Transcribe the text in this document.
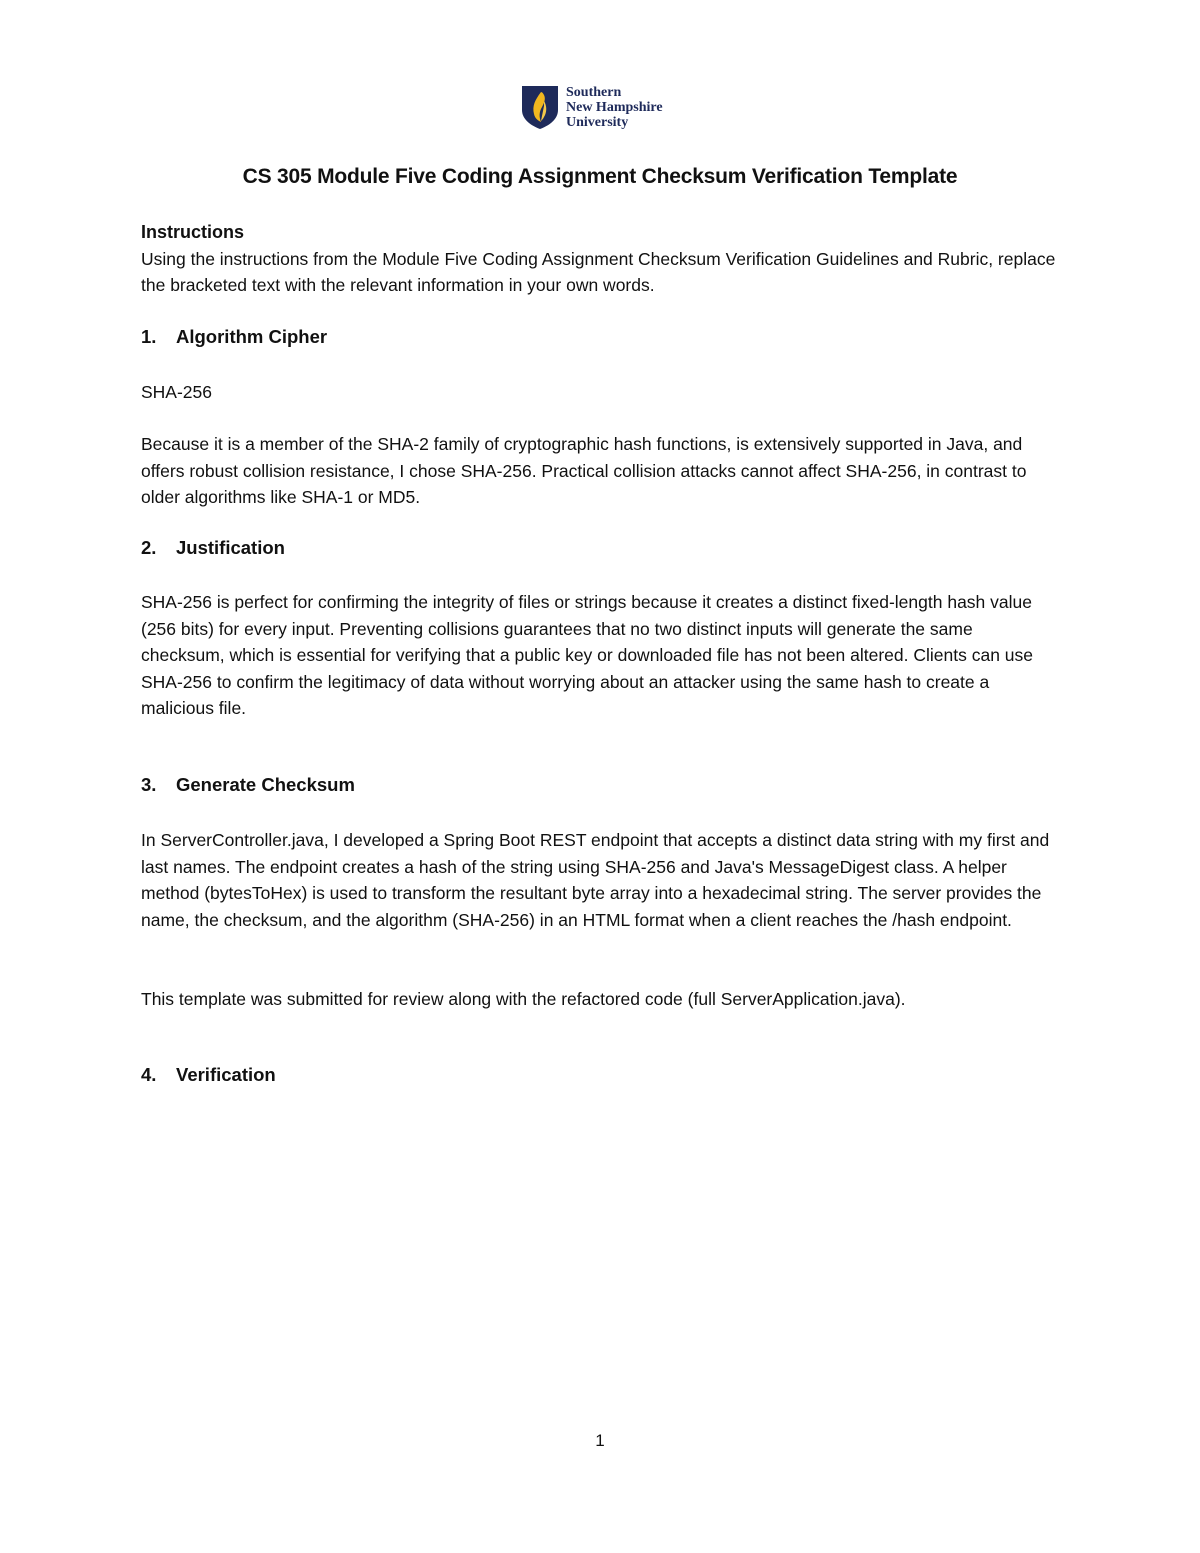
Southern
New Hampshire
University
CS 305 Module Five Coding Assignment Checksum Verification Template
Instructions
Using the instructions from the Module Five Coding Assignment Checksum Verification Guidelines and Rubric, replace the bracketed text with the relevant information in your own words.
1.	Algorithm Cipher
SHA-256
Because it is a member of the SHA-2 family of cryptographic hash functions, is extensively supported in Java, and offers robust collision resistance, I chose SHA-256. Practical collision attacks cannot affect SHA-256, in contrast to older algorithms like SHA-1 or MD5.
2.	Justification
SHA-256 is perfect for confirming the integrity of files or strings because it creates a distinct fixed-length hash value (256 bits) for every input. Preventing collisions guarantees that no two distinct inputs will generate the same checksum, which is essential for verifying that a public key or downloaded file has not been altered. Clients can use SHA-256 to confirm the legitimacy of data without worrying about an attacker using the same hash to create a malicious file.
3.	Generate Checksum
In ServerController.java, I developed a Spring Boot REST endpoint that accepts a distinct data string with my first and last names. The endpoint creates a hash of the string using SHA-256 and Java's MessageDigest class. A helper method (bytesToHex) is used to transform the resultant byte array into a hexadecimal string. The server provides the name, the checksum, and the algorithm (SHA-256) in an HTML format when a client reaches the /hash endpoint.
This template was submitted for review along with the refactored code (full ServerApplication.java).
4.	Verification
1
